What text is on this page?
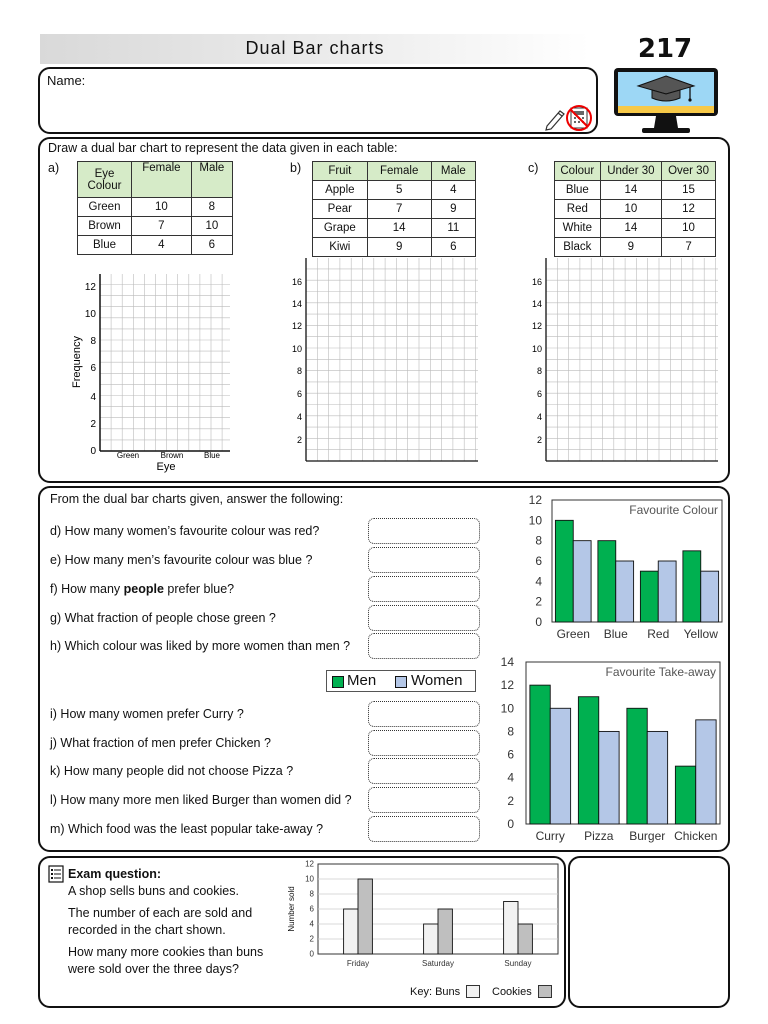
Dual Bar charts	217
Name:
Draw a dual bar chart to represent the data given in each table:
a)	b)	c)
Eye Colour	Female	Male
Green	10	8
Brown	7	10
Blue	4	6
Fruit	Female	Male
Apple	5	4
Pear	7	9
Grape	14	11
Kiwi	9	6
Colour	Under 30	Over 30
Blue	14	15
Red	10	12
White	14	10
Black	9	7
12
10
8
6
4
2
0	Green	Brown	Blue
Eye
Frequency
16
14
12
10
8
6
4
2
16
14
12
10
8
6
4
2
From the dual bar charts given, answer the following:
d) How many women’s favourite colour was red?
e) How many men’s favourite colour was blue ?
f) How many people prefer blue?
g) What fraction of people chose green ?
h) Which colour was liked by more women than men ?
i) How many women prefer Curry ?
j) What fraction of men prefer Chicken ?
k) How many people did not choose Pizza ?
l) How many more men liked Burger than women did ?
m) Which food was the least popular take-away ?
Men Women
0
2
4
6
8
10
12
Green Blue Red Yellow
Favourite Colour
0
2
4
6
8
10
12
14
Curry Pizza Burger Chicken
Favourite Take-away
Exam question:
A shop sells buns and cookies.
The number of each are sold and
recorded in the chart shown.
How many more cookies than buns
were sold over the three days?
0
2
4
6
8
10
12
Friday	Saturday	Sunday
Number sold
Key: Buns	Cookies
